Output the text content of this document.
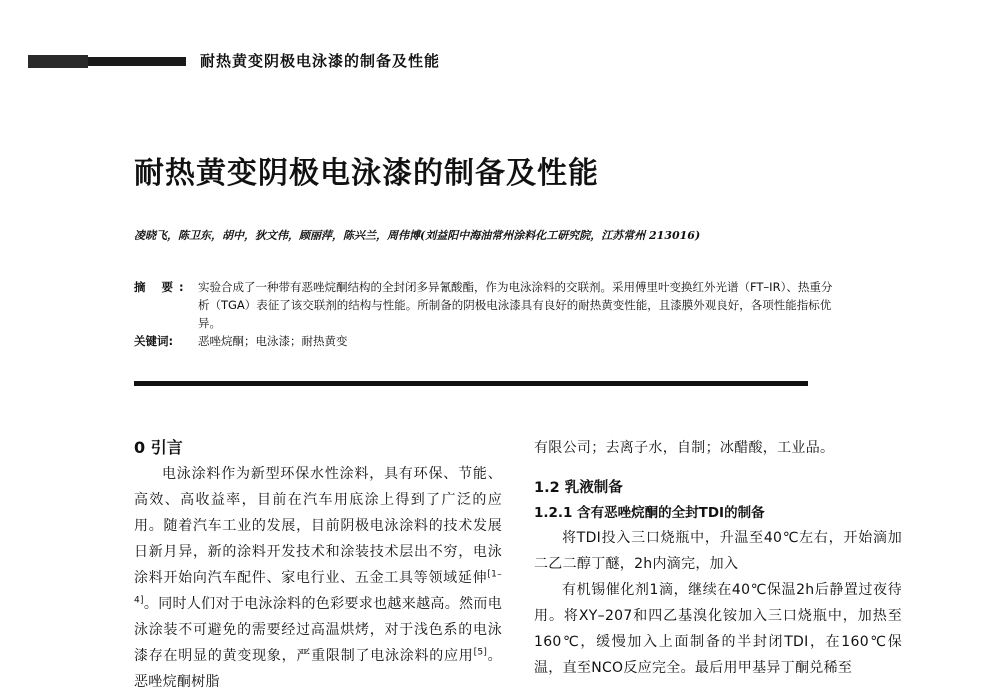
耐热黄变阴极电泳漆的制备及性能
耐热黄变阴极电泳漆的制备及性能
凌晓飞，陈卫东，胡中，狄文伟，顾丽萍，陈兴兰，周伟博(刘益阳中海油常州涂料化工研究院，江苏常州 213016)
摘 要: 实验合成了一种带有恶唑烷酮结构的全封闭多异氰酸酯，作为电泳涂料的交联剂。采用傅里叶变换红外光谱（FT–IR）、热重分析（TGA）表征了该交联剂的结构与性能。所制备的阴极电泳漆具有良好的耐热黄变性能，且漆膜外观良好，各项性能指标优异。
关键词: 恶唑烷酮；电泳漆；耐热黄变
0 引言

电泳涂料作为新型环保水性涂料，具有环保、节能、高效、高收益率，目前在汽车用底涂上得到了广泛的应用。随着汽车工业的发展，目前阴极电泳涂料的技术发展日新月异，新的涂料开发技术和涂装技术层出不穷，电泳涂料开始向汽车配件、家电行业、五金工具等领域延伸[1–4]。同时人们对于电泳涂料的色彩要求也越来越高。然而电泳涂装不可避免的需要经过高温烘烤，对于浅色系的电泳漆存在明显的黄变现象，严重限制了电泳涂料的应用[5]。恶唑烷酮树脂

有限公司；去离子水，自制；冰醋酸，工业品。

1.2 乳液制备
1.2.1 含有恶唑烷酮的全封TDI的制备

将TDI投入三口烧瓶中，升温至40℃左右，开始滴加二乙二醇丁醚，2h内滴完，加入

有机锡催化剂1滴，继续在40℃保温2h后静置过夜待用。将XY–207和四乙基溴化铵加入三口烧瓶中，加热至160℃，缓慢加入上面制备的半封闭TDI，在160℃保温，直至NCO反应完全。最后用甲基异丁酮兑稀至
